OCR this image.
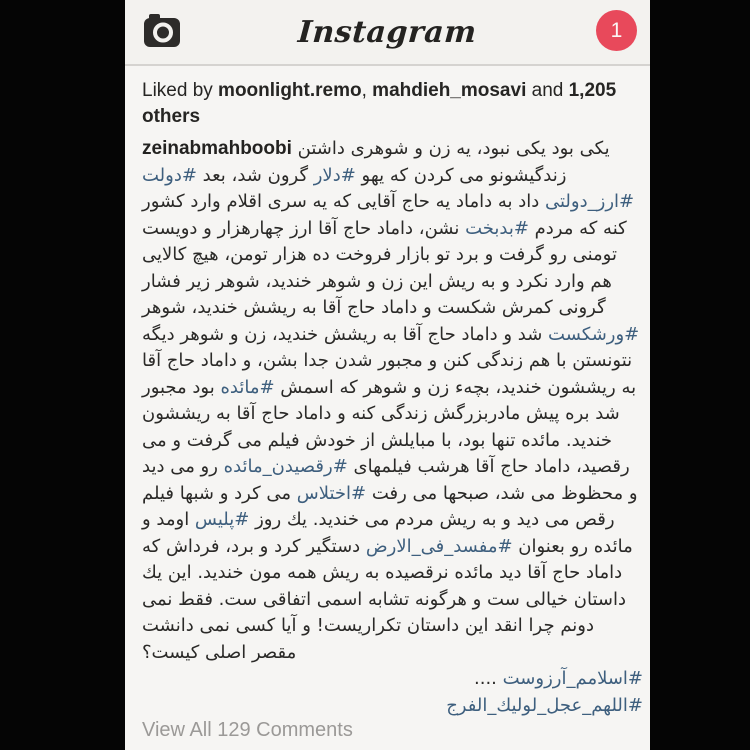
Instagram	1
Liked by moonlight.remo, mahdieh_mosavi and 1,205 others
zeinabmahboobi یکی بود یکی نبود، یه زن و شوهری داشتن زندگیشونو می کردن که یهو #دلار گرون شد، بعد #دولت #ارز_دولتی داد به داماد یه حاج آقایی که یه سری اقلام وارد کشور کنه که مردم #بدبخت نشن، داماد حاج آقا ارز چهارهزار و دویست تومنی رو گرفت و برد تو بازار فروخت ده هزار تومن، هیچ کالایی هم وارد نکرد و به ریش این زن و شوهر خندید، شوهر زیر فشار گرونی کمرش شکست و داماد حاج آقا به ریشش خندید، شوهر #ورشکست شد و داماد حاج آقا به ریشش خندید، زن و شوهر دیگه نتونستن با هم زندگی کنن و مجبور شدن جدا بشن، و داماد حاج آقا به ریششون خندید، بچهء زن و شوهر که اسمش #مائده بود مجبور شد بره پیش مادربزرگش زندگی کنه و داماد حاج آقا به ریششون خندید. مائده تنها بود، با مبایلش از خودش فیلم می گرفت و می رقصید، داماد حاج آقا هرشب فیلمهای #رقصیدن_مائده رو می دید و محظوظ می شد، صبحها می رفت #اختلاس می کرد و شبها فیلم رقص می دید و به ریش مردم می خندید. یك روز #پلیس اومد و مائده رو بعنوان #مفسد_فی_الارض دستگیر کرد و برد، فرداش که داماد حاج آقا دید مائده نرقصیده به ریش همه مون خندید. این یك داستان خیالی ست و هرگونه تشابه اسمی اتفاقی ست. فقط نمی دونم چرا انقد این داستان تکراریست! و آیا کسی نمی دانشت مقصر اصلی کیست؟
#اسلامم_آرزوست ....
#اللهم_عجل_لوليك_الفرج
View All 129 Comments
